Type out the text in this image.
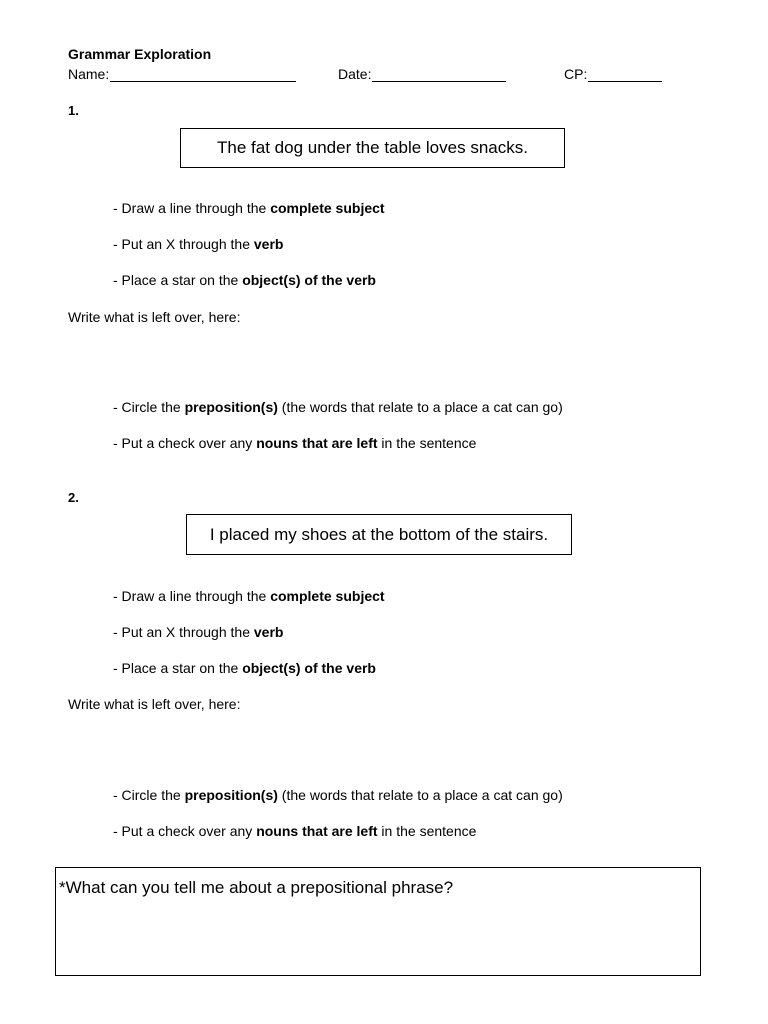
Grammar Exploration
Name:	Date:	CP:
1.
The fat dog under the table loves snacks.
- Draw a line through the complete subject
- Put an X through the verb
- Place a star on the object(s) of the verb
Write what is left over, here:
- Circle the preposition(s) (the words that relate to a place a cat can go)
- Put a check over any nouns that are left in the sentence
2.
I placed my shoes at the bottom of the stairs.
- Draw a line through the complete subject
- Put an X through the verb
- Place a star on the object(s) of the verb
Write what is left over, here:
- Circle the preposition(s) (the words that relate to a place a cat can go)
- Put a check over any nouns that are left in the sentence
*What can you tell me about a prepositional phrase?
